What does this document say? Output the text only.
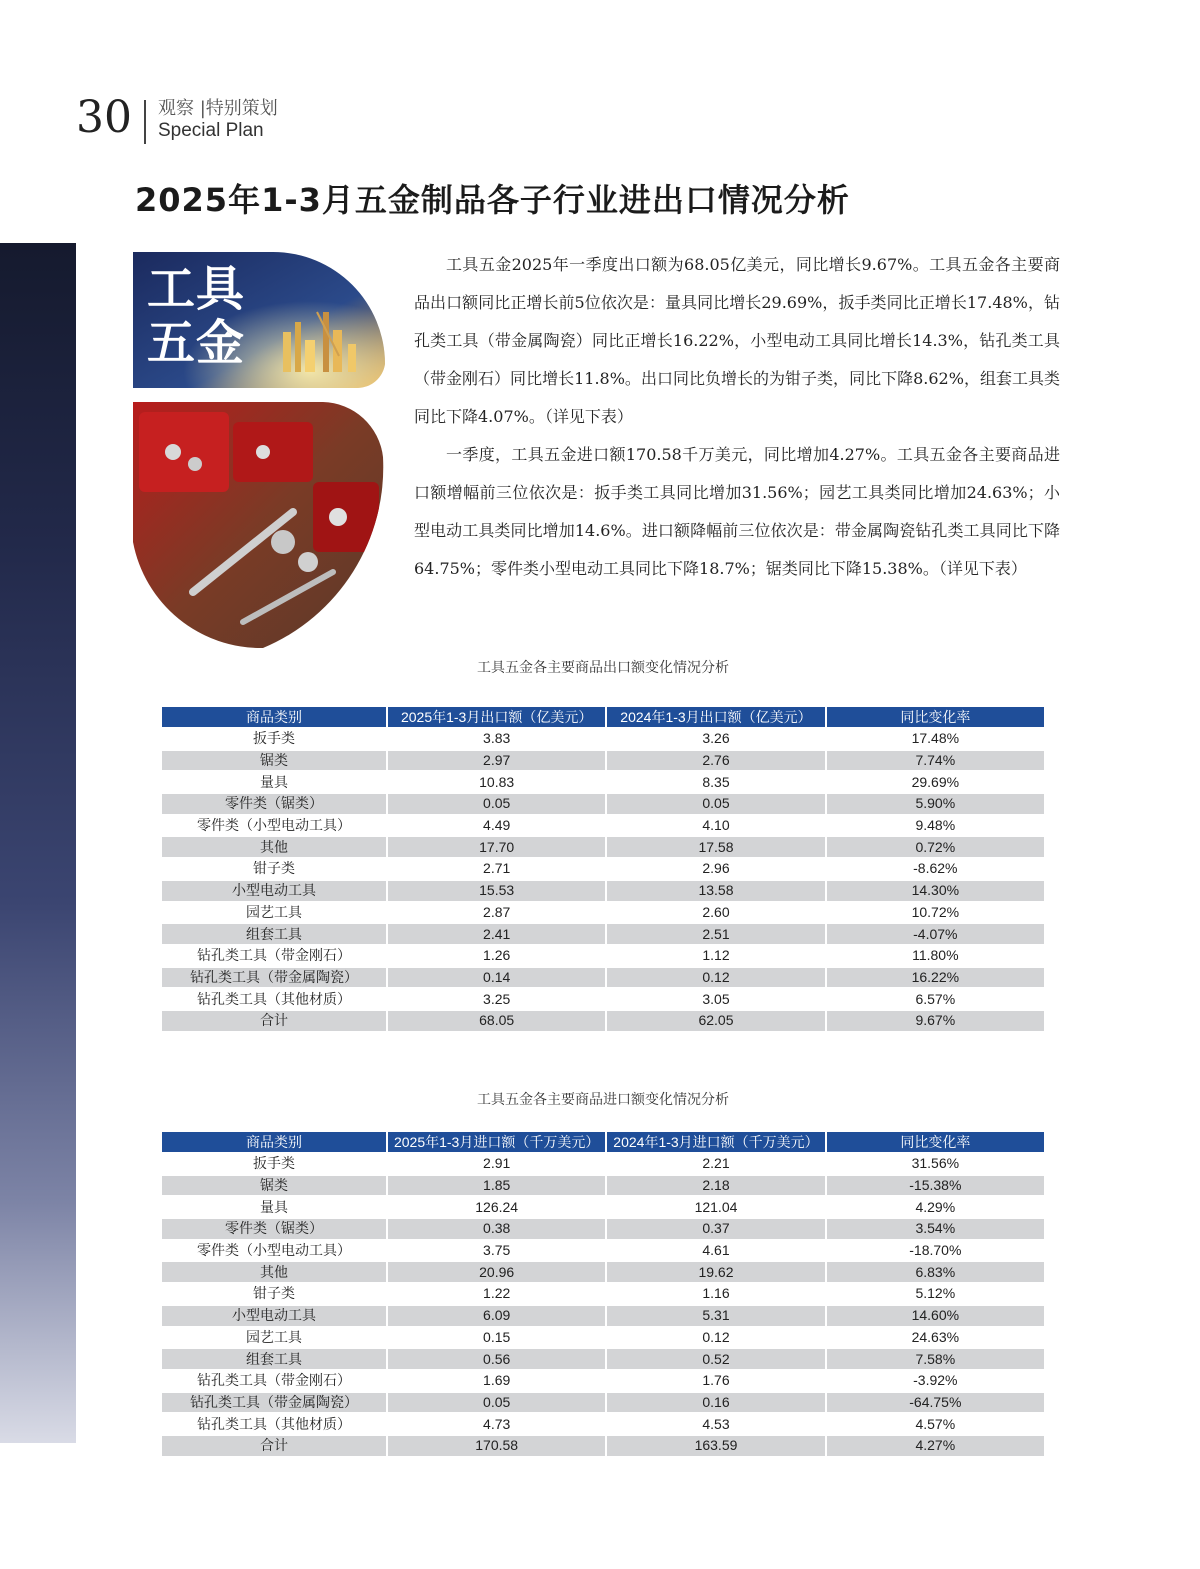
30 观察 |特别策划
Special Plan
2025年1-3月五金制品各子行业进出口情况分析
工具
五金

工具五金2025年一季度出口额为68.05亿美元，同比增长9.67%。工具五金各主要商品出口额同比正增长前5位依次是：量具同比增长29.69%，扳手类同比正增长17.48%，钻孔类工具（带金属陶瓷）同比正增长16.22%，小型电动工具同比增长14.3%，钻孔类工具（带金刚石）同比增长11.8%。出口同比负增长的为钳子类，同比下降8.62%，组套工具类同比下降4.07%。（详见下表）

一季度，工具五金进口额170.58千万美元，同比增加4.27%。工具五金各主要商品进口额增幅前三位依次是：扳手类工具同比增加31.56%；园艺工具类同比增加24.63%；小型电动工具类同比增加14.6%。进口额降幅前三位依次是：带金属陶瓷钻孔类工具同比下降64.75%；零件类小型电动工具同比下降18.7%；锯类同比下降15.38%。（详见下表）

工具五金各主要商品出口额变化情况分析
商品类别	2025年1-3月出口额（亿美元）	2024年1-3月出口额（亿美元）	同比变化率
扳手类	3.83	3.26	17.48%
锯类	2.97	2.76	7.74%
量具	10.83	8.35	29.69%
零件类（锯类）	0.05	0.05	5.90%
零件类（小型电动工具）	4.49	4.10	9.48%
其他	17.70	17.58	0.72%
钳子类	2.71	2.96	-8.62%
小型电动工具	15.53	13.58	14.30%
园艺工具	2.87	2.60	10.72%
组套工具	2.41	2.51	-4.07%
钻孔类工具（带金刚石）	1.26	1.12	11.80%
钻孔类工具（带金属陶瓷）	0.14	0.12	16.22%
钻孔类工具（其他材质）	3.25	3.05	6.57%
合计	68.05	62.05	9.67%
工具五金各主要商品进口额变化情况分析
商品类别	2025年1-3月进口额（千万美元）	2024年1-3月进口额（千万美元）	同比变化率
扳手类	2.91	2.21	31.56%
锯类	1.85	2.18	-15.38%
量具	126.24	121.04	4.29%
零件类（锯类）	0.38	0.37	3.54%
零件类（小型电动工具）	3.75	4.61	-18.70%
其他	20.96	19.62	6.83%
钳子类	1.22	1.16	5.12%
小型电动工具	6.09	5.31	14.60%
园艺工具	0.15	0.12	24.63%
组套工具	0.56	0.52	7.58%
钻孔类工具（带金刚石）	1.69	1.76	-3.92%
钻孔类工具（带金属陶瓷）	0.05	0.16	-64.75%
钻孔类工具（其他材质）	4.73	4.53	4.57%
合计	170.58	163.59	4.27%
